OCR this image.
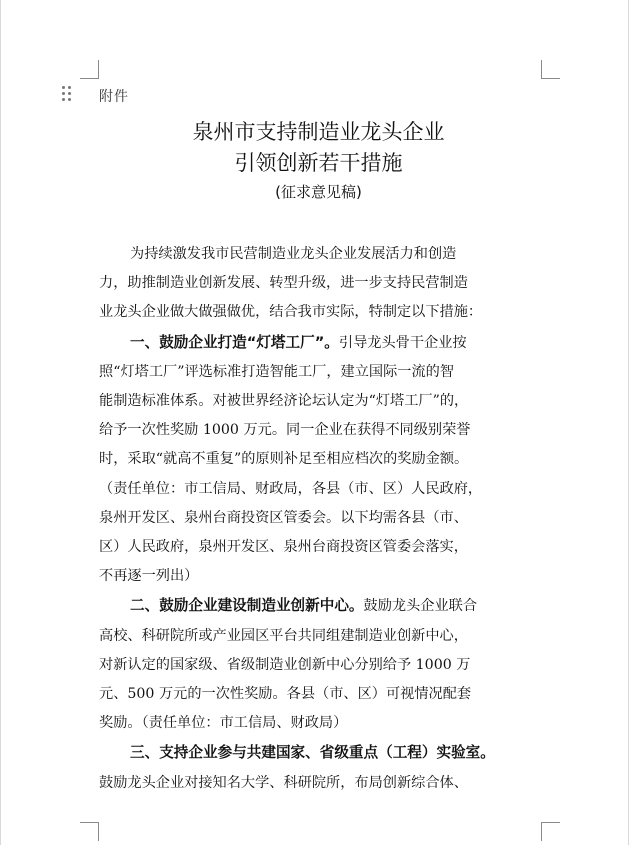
附件
泉州市支持制造业龙头企业
引领创新若干措施
(征求意见稿)

为持续激发我市民营制造业龙头企业发展活力和创造

力，助推制造业创新发展、转型升级，进一步支持民营制造

业龙头企业做大做强做优，结合我市实际，特制定以下措施：

一、鼓励企业打造“灯塔工厂”。引导龙头骨干企业按

照“灯塔工厂”评选标准打造智能工厂，建立国际一流的智

能制造标准体系。对被世界经济论坛认定为“灯塔工厂”的，

给予一次性奖励 1000 万元。同一企业在获得不同级别荣誉

时，采取“就高不重复”的原则补足至相应档次的奖励金额。

（责任单位：市工信局、财政局，各县（市、区）人民政府，

泉州开发区、泉州台商投资区管委会。以下均需各县（市、

区）人民政府，泉州开发区、泉州台商投资区管委会落实，

不再逐一列出）

二、鼓励企业建设制造业创新中心。鼓励龙头企业联合

高校、科研院所或产业园区平台共同组建制造业创新中心，

对新认定的国家级、省级制造业创新中心分别给予 1000 万

元、500 万元的一次性奖励。各县（市、区）可视情况配套

奖励。（责任单位：市工信局、财政局）

三、支持企业参与共建国家、省级重点（工程）实验室。

鼓励龙头企业对接知名大学、科研院所，布局创新综合体、
